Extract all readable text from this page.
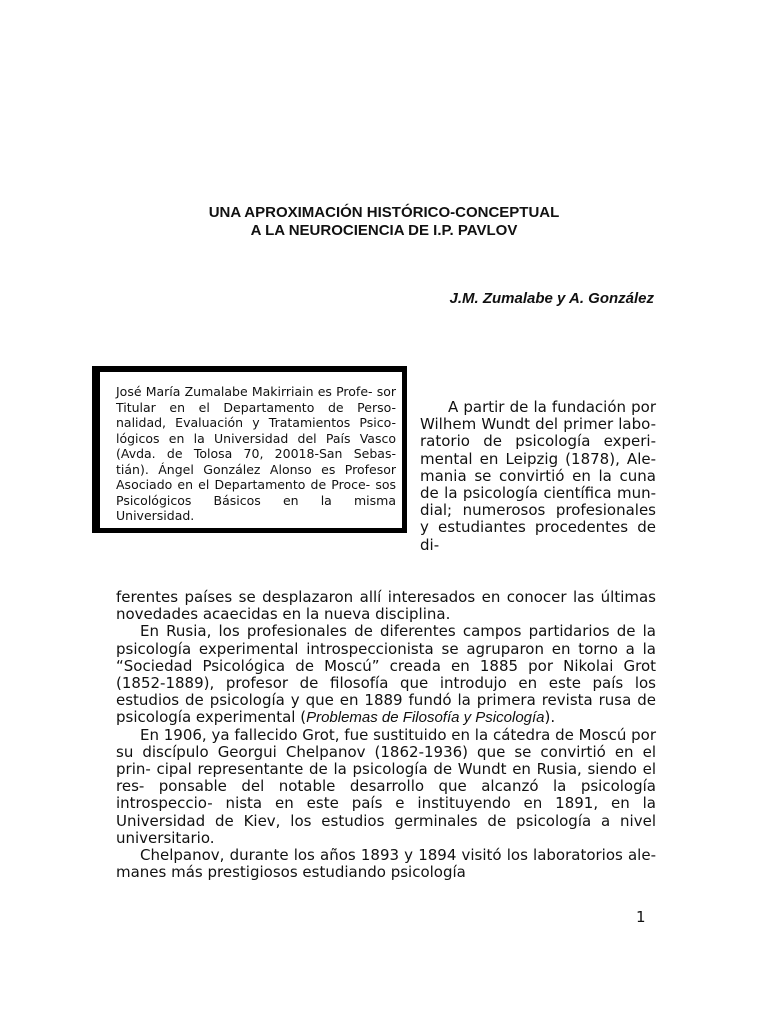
UNA APROXIMACIÓN HISTÓRICO-CONCEPTUAL
A LA NEUROCIENCIA DE I.P. PAVLOV
J.M. Zumalabe y A. González

José María Zumalabe Makirriain es Profe- sor Titular en el Departamento de Perso- nalidad, Evaluación y Tratamientos Psico- lógicos en la Universidad del País Vasco (Avda. de Tolosa 70, 20018-San Sebas- tián). Ángel González Alonso es Profesor Asociado en el Departamento de Proce- sos Psicológicos Básicos en la misma Universidad.

A partir de la fundación por Wilhem Wundt del primer labo- ratorio de psicología experi- mental en Leipzig (1878), Ale- mania se convirtió en la cuna de la psicología científica mun- dial; numerosos profesionales y estudiantes procedentes de di-

ferentes países se desplazaron allí interesados en conocer las últimas novedades acaecidas en la nueva disciplina.

En Rusia, los profesionales de diferentes campos partidarios de la psicología experimental introspeccionista se agruparon en torno a la “Sociedad Psicológica de Moscú” creada en 1885 por Nikolai Grot (1852-1889), profesor de filosofía que introdujo en este país los estudios de psicología y que en 1889 fundó la primera revista rusa de psicología experimental (Problemas de Filosofía y Psicología).

En 1906, ya fallecido Grot, fue sustituido en la cátedra de Moscú por su discípulo Georgui Chelpanov (1862-1936) que se convirtió en el prin- cipal representante de la psicología de Wundt en Rusia, siendo el res- ponsable del notable desarrollo que alcanzó la psicología introspeccio- nista en este país e instituyendo en 1891, en la Universidad de Kiev, los estudios germinales de psicología a nivel universitario.

Chelpanov, durante los años 1893 y 1894 visitó los laboratorios ale- manes más prestigiosos estudiando psicología

1
